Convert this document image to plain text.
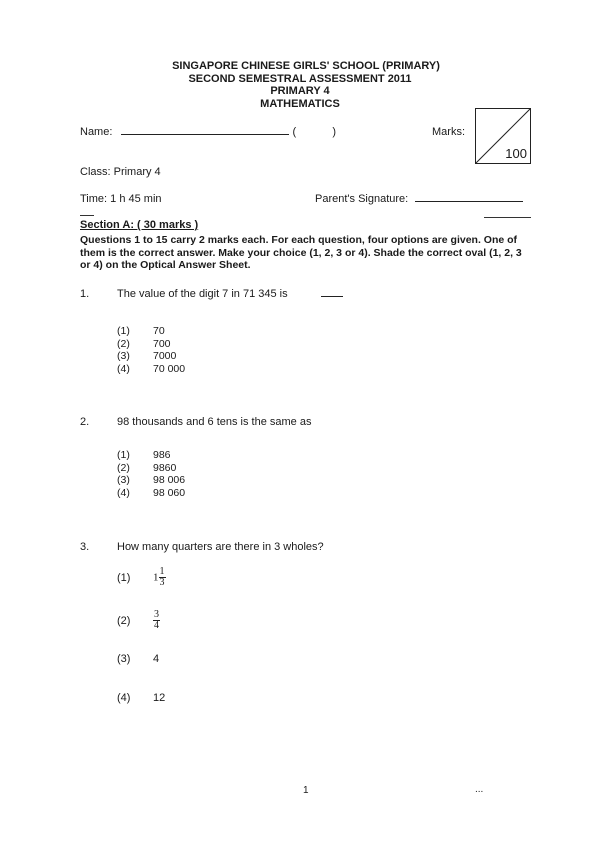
SINGAPORE CHINESE GIRLS' SCHOOL (PRIMARY)
SECOND SEMESTRAL ASSESSMENT 2011
PRIMARY 4
MATHEMATICS
Name:	(	)	Marks:
100
Class: Primary 4
Time: 1 h 45 min	Parent's Signature:
Section A: ( 30 marks )
Questions 1 to 15 carry 2 marks each. For each question, four options are given. One of them is the correct answer. Make your choice (1, 2, 3 or 4). Shade the correct oval (1, 2, 3 or 4) on the Optical Answer Sheet.
1.	The value of the digit 7 in 71 345 is
(1) 70
(2) 700
(3) 7000
(4) 70 000
2.	98 thousands and 6 tens is the same as
(1) 986
(2) 9860
(3) 98 006
(4) 98 060
3.	How many quarters are there in 3 wholes?
(1) $1 \frac{1}{3}$
$(2) \frac{3}{4}$
(3) 4
(4) 12
1	...
